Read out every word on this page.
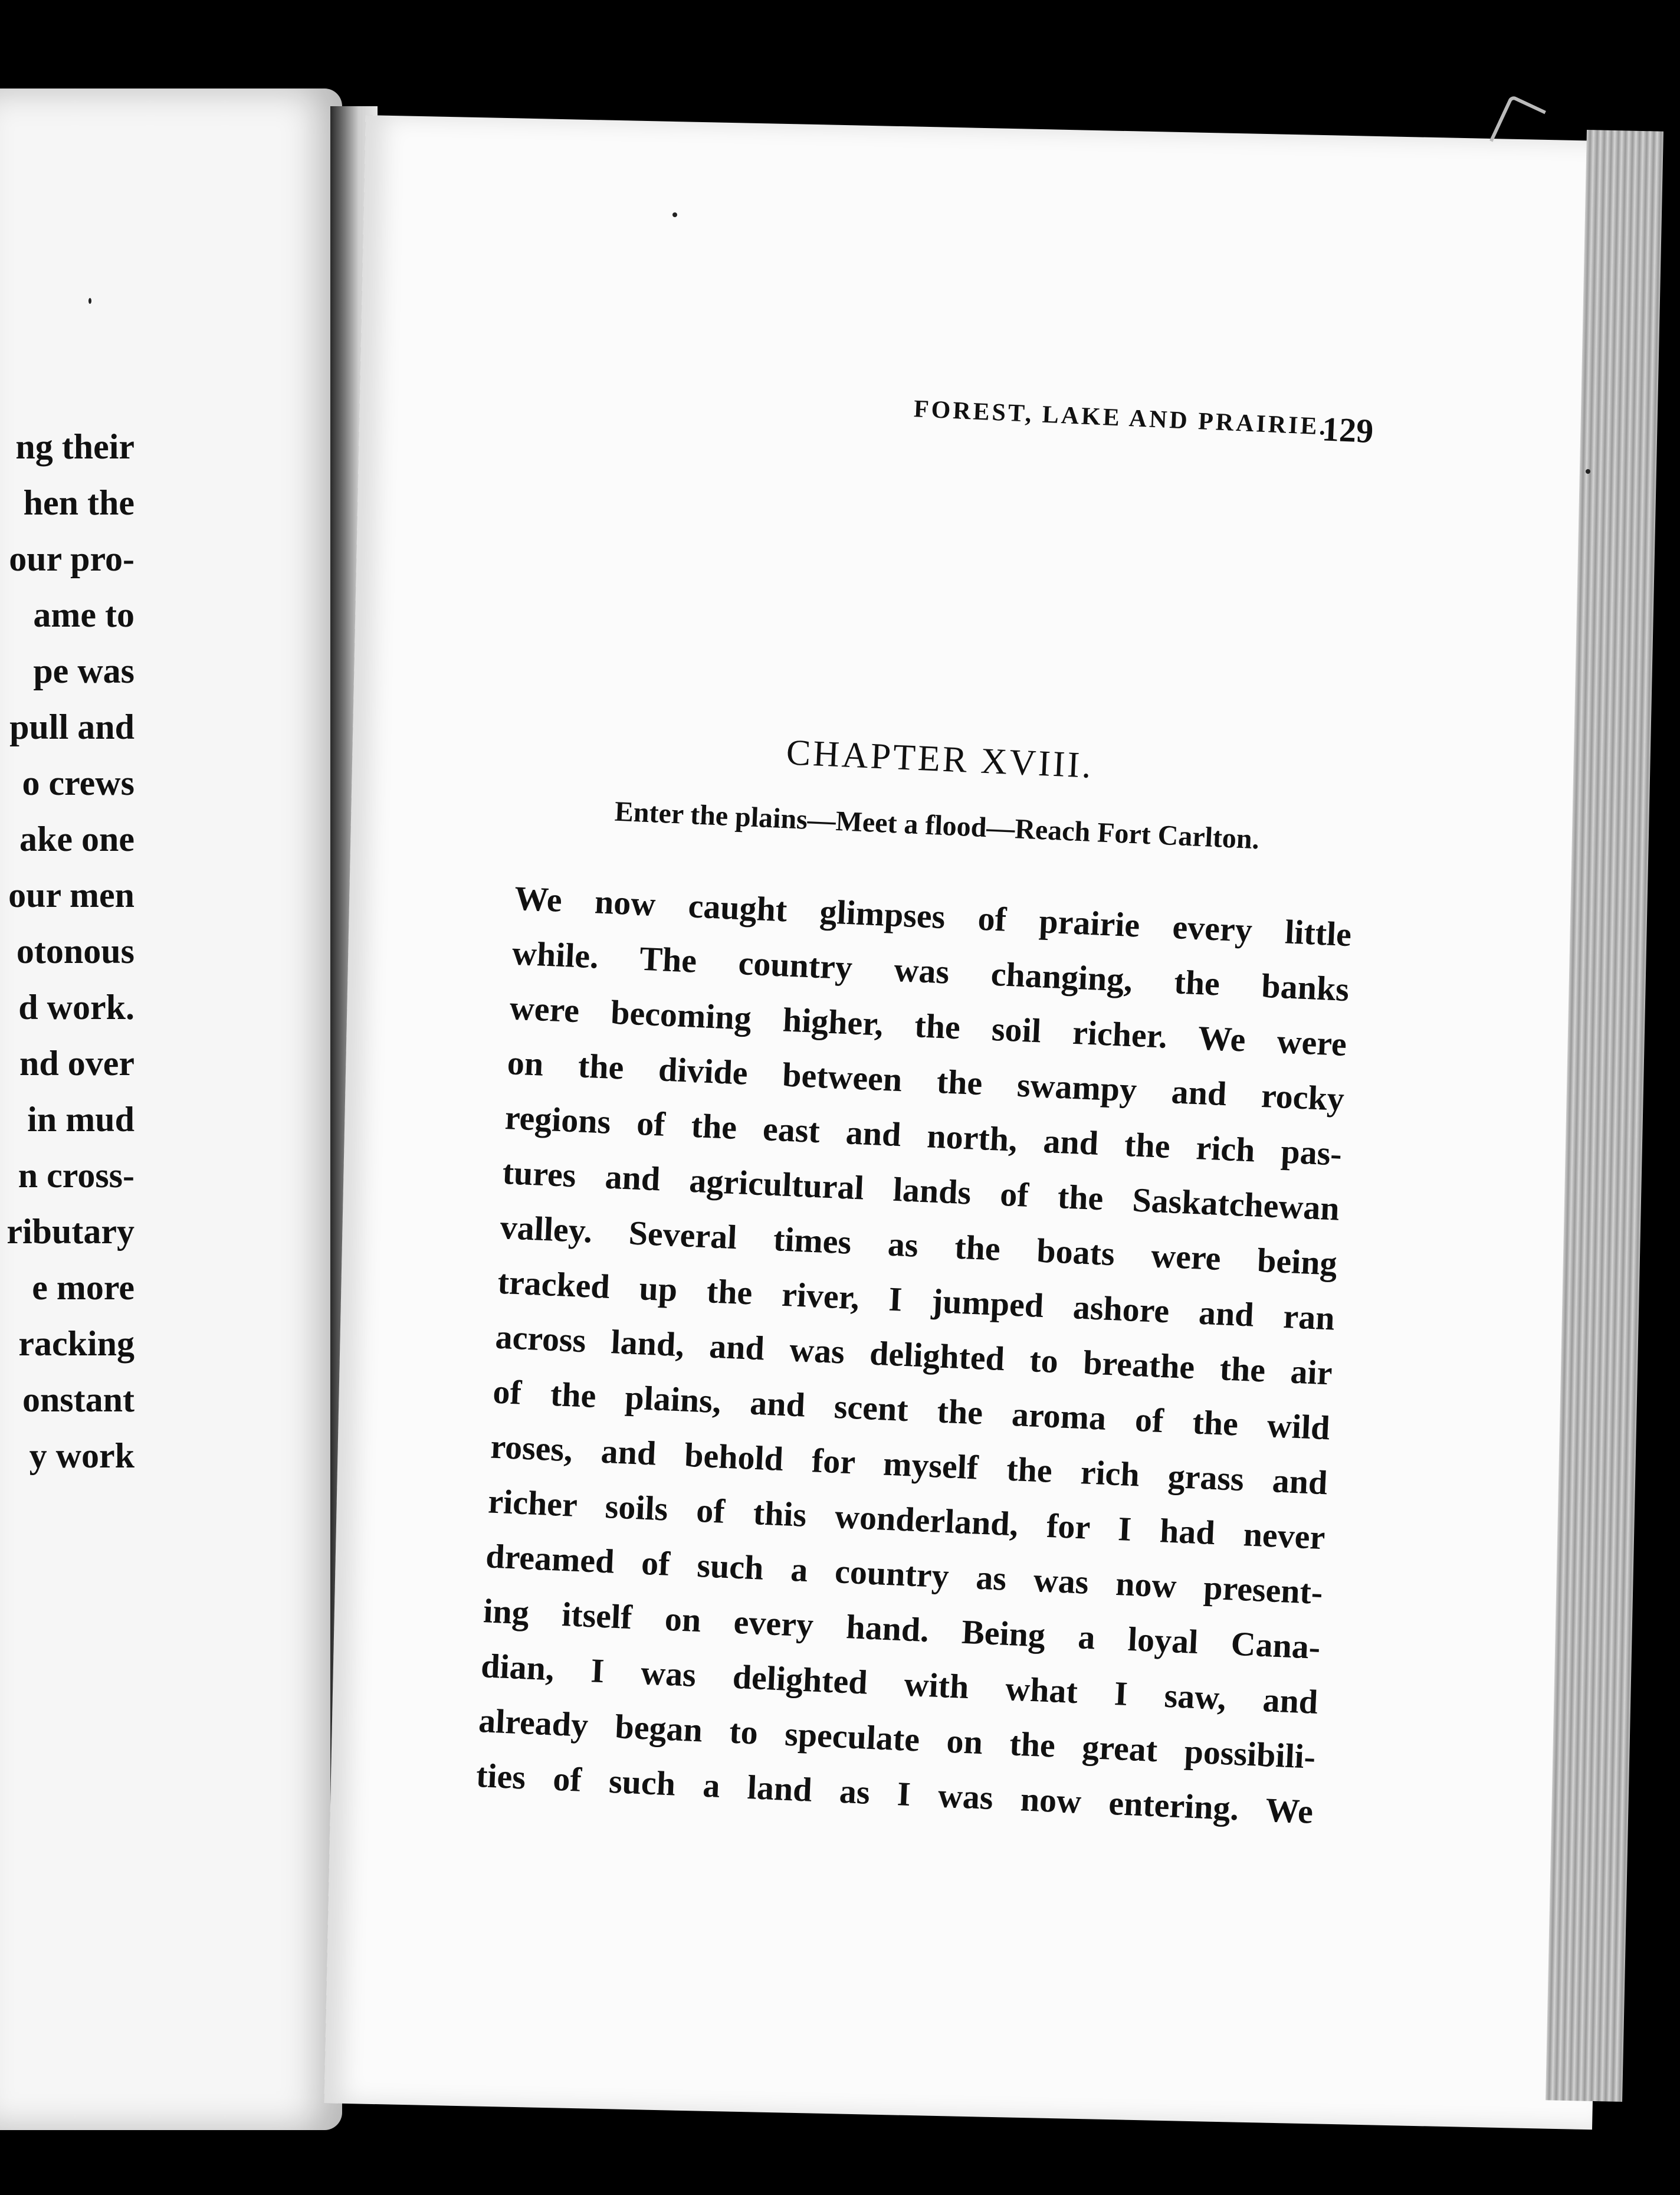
ng their
hen the
our pro-
ame to
pe was
pull and
o crews
ake one
our men
otonous
d work.
nd over
in mud
n cross-
ributary
e more
racking
onstant
y work
FOREST, LAKE AND PRAIRIE.
129
CHAPTER XVIII.
Enter the plains—Meet a flood—Reach Fort Carlton.
We now caught glimpses of prairie every little
while. The country was changing, the banks
were becoming higher, the soil richer. We were
on the divide between the swampy and rocky
regions of the east and north, and the rich pas-
tures and agricultural lands of the Saskatchewan
valley. Several times as the boats were being
tracked up the river, I jumped ashore and ran
across land, and was delighted to breathe the air
of the plains, and scent the aroma of the wild
roses, and behold for myself the rich grass and
richer soils of this wonderland, for I had never
dreamed of such a country as was now present-
ing itself on every hand. Being a loyal Cana-
dian, I was delighted with what I saw, and
already began to speculate on the great possibili-
ties of such a land as I was now entering. We
